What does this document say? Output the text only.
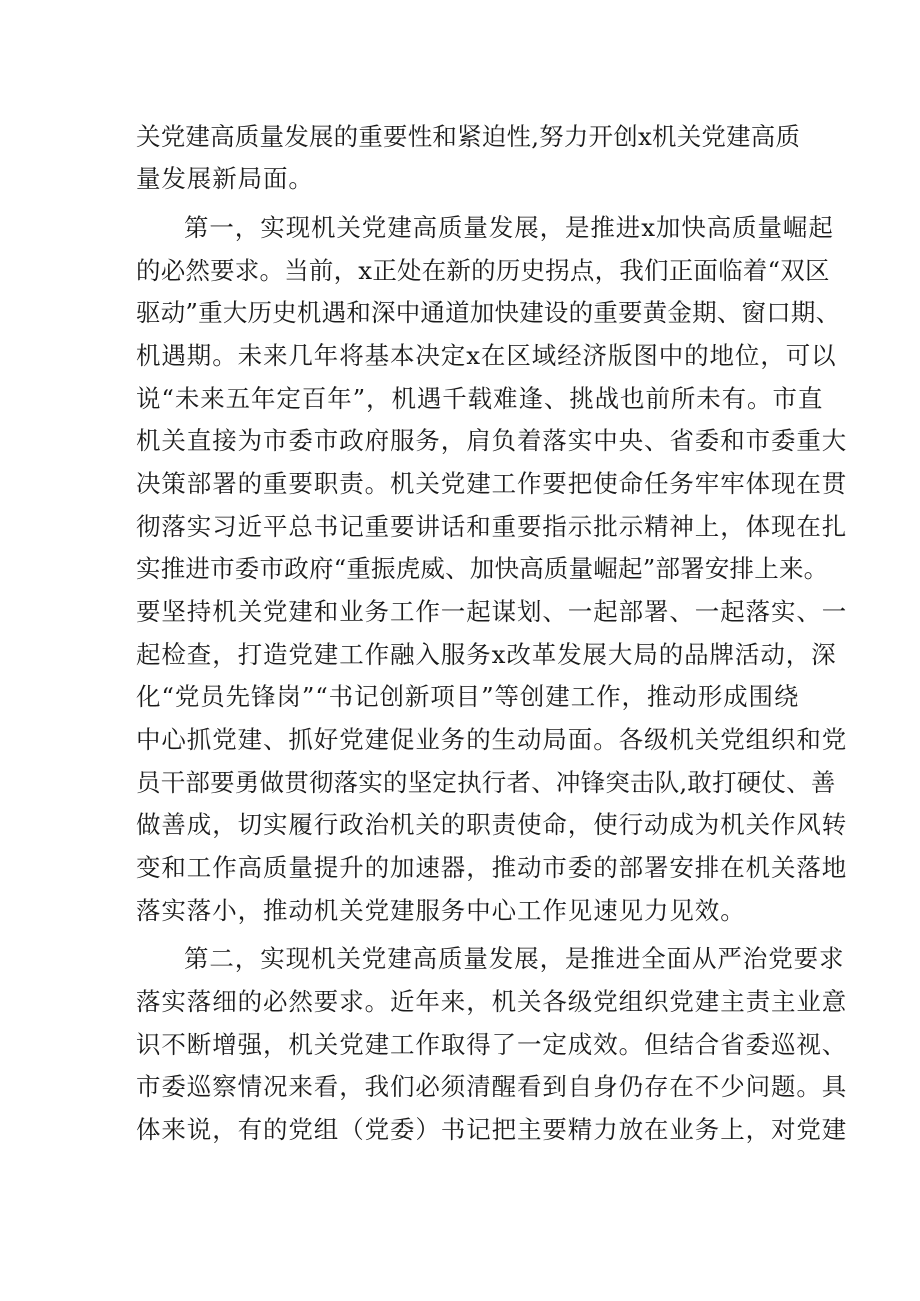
关党建高质量发展的重要性和紧迫性,努力开创x机关党建高质
量发展新局面。
第一，实现机关党建高质量发展，是推进x加快高质量崛起
的必然要求。当前，x正处在新的历史拐点，我们正面临着“双区
驱动”重大历史机遇和深中通道加快建设的重要黄金期、窗口期、
机遇期。未来几年将基本决定x在区域经济版图中的地位，可以
说“未来五年定百年”，机遇千载难逢、挑战也前所未有。市直
机关直接为市委市政府服务，肩负着落实中央、省委和市委重大
决策部署的重要职责。机关党建工作要把使命任务牢牢体现在贯
彻落实习近平总书记重要讲话和重要指示批示精神上，体现在扎
实推进市委市政府“重振虎威、加快高质量崛起”部署安排上来。
要坚持机关党建和业务工作一起谋划、一起部署、一起落实、一
起检查，打造党建工作融入服务x改革发展大局的品牌活动，深
化“党员先锋岗”“书记创新项目”等创建工作，推动形成围绕
中心抓党建、抓好党建促业务的生动局面。各级机关党组织和党
员干部要勇做贯彻落实的坚定执行者、冲锋突击队,敢打硬仗、善
做善成，切实履行政治机关的职责使命，使行动成为机关作风转
变和工作高质量提升的加速器，推动市委的部署安排在机关落地
落实落小，推动机关党建服务中心工作见速见力见效。
第二，实现机关党建高质量发展，是推进全面从严治党要求
落实落细的必然要求。近年来，机关各级党组织党建主责主业意
识不断增强，机关党建工作取得了一定成效。但结合省委巡视、
市委巡察情况来看，我们必须清醒看到自身仍存在不少问题。具
体来说，有的党组（党委）书记把主要精力放在业务上，对党建
